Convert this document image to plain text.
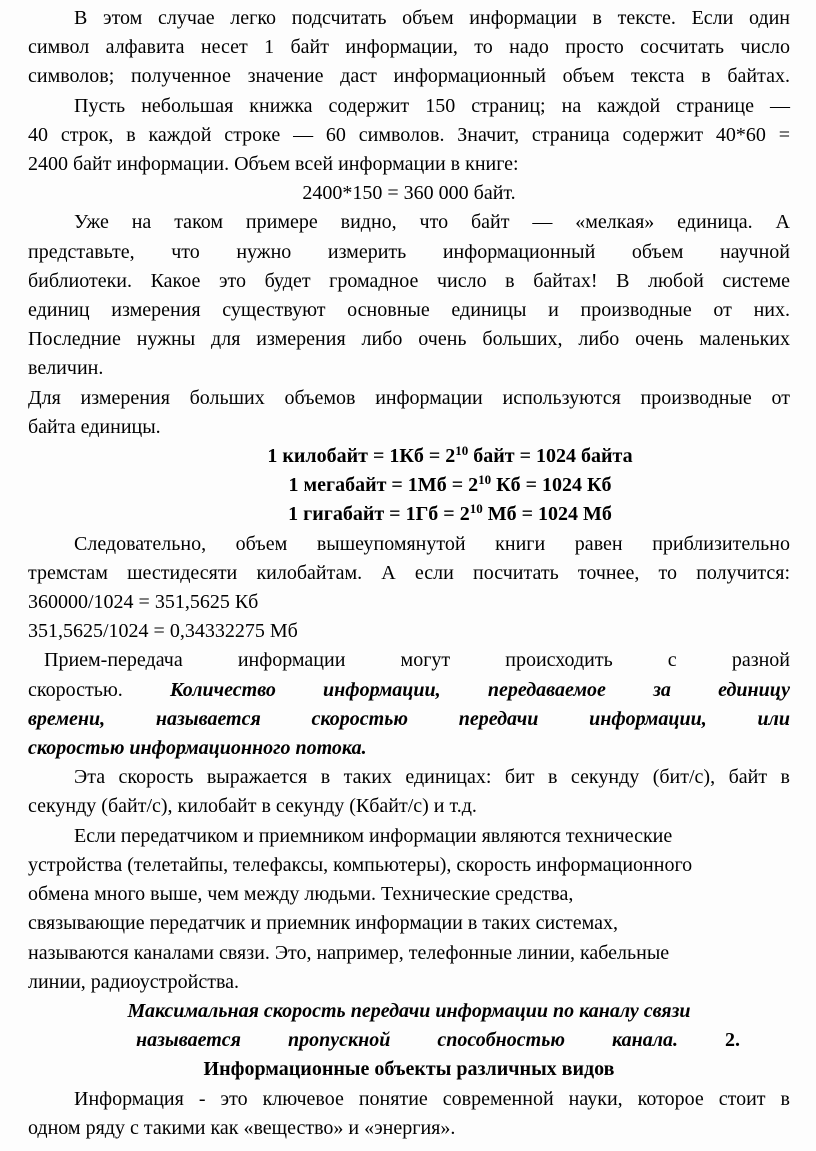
В этом случае легко подсчитать объем информации в тексте. Если один
символ алфавита несет 1 байт информации, то надо просто сосчитать число
символов; полученное значение даст информационный объем текста в байтах.
Пусть небольшая книжка содержит 150 страниц; на каждой странице —
40 строк, в каждой строке — 60 символов. Значит, страница содержит 40*60 =
2400 байт информации. Объем всей информации в книге:
2400*150 = 360 000 байт.
Уже на таком примере видно, что байт — «мелкая» единица. А
представьте, что нужно измерить информационный объем научной
библиотеки. Какое это будет громадное число в байтах! В любой системе
единиц измерения существуют основные единицы и производные от них.
Последние нужны для измерения либо очень больших, либо очень маленьких
величин.
Для измерения больших объемов информации используются производные от
байта единицы.
1 килобайт = $1Кб = 2^{10}$ байт = 1024 байта
1 мегабайт = $1Мб = 2^{10}$ Кб = 1024 Кб
1 гигабайт = $1Гб = 2^{10}$ Мб = 1024 Мб
Следовательно, объем вышеупомянутой книги равен приблизительно
тремстам шестидесяти килобайтам. А если посчитать точнее, то получится:
360000/1024 = 351,5625 Кб
351,5625/1024 = 0,34332275 Мб
Прием-передача информации могут происходить с разной
скоростью. Количество информации, передаваемое за единицу
времени, называется скоростью передачи информации, или
скоростью информационного потока.
Эта скорость выражается в таких единицах: бит в секунду (бит/с), байт в
секунду (байт/с), килобайт в секунду (Кбайт/с) и т.д.
Если передатчиком и приемником информации являются технические
устройства (телетайпы, телефаксы, компьютеры), скорость информационного
обмена много выше, чем между людьми. Технические средства,
связывающие передатчик и приемник информации в таких системах,
называются каналами связи. Это, например, телефонные линии, кабельные
линии, радиоустройства.
Максимальная скорость передачи информации по каналу связи
называется пропускной способностью канала. 2.
Информационные объекты различных видов
Информация - это ключевое понятие современной науки, которое стоит в
одном ряду с такими как «вещество» и «энергия».
